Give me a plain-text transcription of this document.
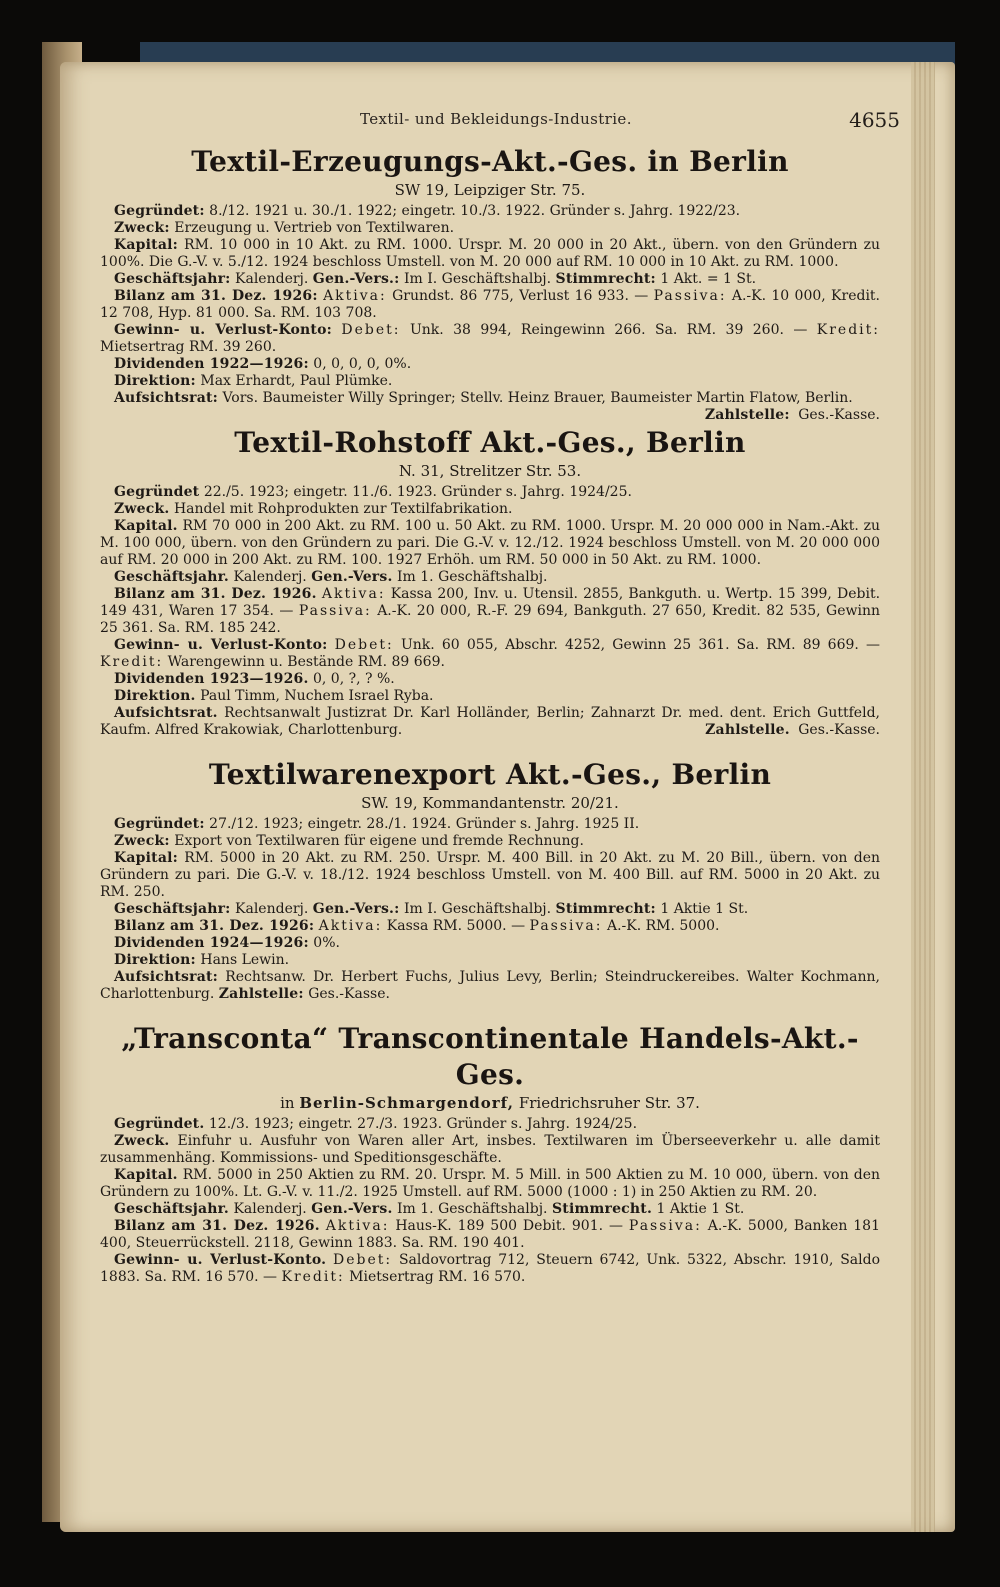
Textil- und Bekleidungs-Industrie.	4655
Textil-Erzeugungs-Akt.-Ges. in Berlin
SW 19, Leipziger Str. 75.

Gegründet: 8./12. 1921 u. 30./1. 1922; eingetr. 10./3. 1922. Gründer s. Jahrg. 1922/23.

Zweck: Erzeugung u. Vertrieb von Textilwaren.

Kapital: RM. 10 000 in 10 Akt. zu RM. 1000. Urspr. M. 20 000 in 20 Akt., übern. von den Gründern zu 100%. Die G.-V. v. 5./12. 1924 beschloss Umstell. von M. 20 000 auf RM. 10 000 in 10 Akt. zu RM. 1000.

Geschäftsjahr: Kalenderj. Gen.-Vers.: Im I. Geschäftshalbj. Stimmrecht: 1 Akt. = 1 St.

Bilanz am 31. Dez. 1926: Aktiva: Grundst. 86 775, Verlust 16 933. — Passiva: A.-K. 10 000, Kredit. 12 708, Hyp. 81 000. Sa. RM. 103 708.

Gewinn- u. Verlust-Konto: Debet: Unk. 38 994, Reingewinn 266. Sa. RM. 39 260. — Kredit: Mietsertrag RM. 39 260.

Dividenden 1922—1926: 0, 0, 0, 0, 0%.

Direktion: Max Erhardt, Paul Plümke.

Aufsichtsrat: Vors. Baumeister Willy Springer; Stellv. Heinz Brauer, Baumeister Martin Flatow, Berlin.
Zahlstelle: Ges.-Kasse.

Textil-Rohstoff Akt.-Ges., Berlin
N. 31, Strelitzer Str. 53.

Gegründet 22./5. 1923; eingetr. 11./6. 1923. Gründer s. Jahrg. 1924/25.

Zweck. Handel mit Rohprodukten zur Textilfabrikation.

Kapital. RM 70 000 in 200 Akt. zu RM. 100 u. 50 Akt. zu RM. 1000. Urspr. M. 20 000 000 in Nam.-Akt. zu M. 100 000, übern. von den Gründern zu pari. Die G.-V. v. 12./12. 1924 beschloss Umstell. von M. 20 000 000 auf RM. 20 000 in 200 Akt. zu RM. 100. 1927 Erhöh. um RM. 50 000 in 50 Akt. zu RM. 1000.

Geschäftsjahr. Kalenderj. Gen.-Vers. Im 1. Geschäftshalbj.

Bilanz am 31. Dez. 1926. Aktiva: Kassa 200, Inv. u. Utensil. 2855, Bankguth. u. Wertp. 15 399, Debit. 149 431, Waren 17 354. — Passiva: A.-K. 20 000, R.-F. 29 694, Bankguth. 27 650, Kredit. 82 535, Gewinn 25 361. Sa. RM. 185 242.

Gewinn- u. Verlust-Konto: Debet: Unk. 60 055, Abschr. 4252, Gewinn 25 361. Sa. RM. 89 669. — Kredit: Warengewinn u. Bestände RM. 89 669.

Dividenden 1923—1926. 0, 0, ?, ? %.

Direktion. Paul Timm, Nuchem Israel Ryba.

Aufsichtsrat. Rechtsanwalt Justizrat Dr. Karl Holländer, Berlin; Zahnarzt Dr. med. dent. Erich Guttfeld, Kaufm. Alfred Krakowiak, Charlottenburg.	Zahlstelle. Ges.-Kasse.

Textilwarenexport Akt.-Ges., Berlin
SW. 19, Kommandantenstr. 20/21.

Gegründet: 27./12. 1923; eingetr. 28./1. 1924. Gründer s. Jahrg. 1925 II.

Zweck: Export von Textilwaren für eigene und fremde Rechnung.

Kapital: RM. 5000 in 20 Akt. zu RM. 250. Urspr. M. 400 Bill. in 20 Akt. zu M. 20 Bill., übern. von den Gründern zu pari. Die G.-V. v. 18./12. 1924 beschloss Umstell. von M. 400 Bill. auf RM. 5000 in 20 Akt. zu RM. 250.

Geschäftsjahr: Kalenderj. Gen.-Vers.: Im I. Geschäftshalbj. Stimmrecht: 1 Aktie 1 St.

Bilanz am 31. Dez. 1926: Aktiva: Kassa RM. 5000. — Passiva: A.-K. RM. 5000.

Dividenden 1924—1926: 0%.

Direktion: Hans Lewin.

Aufsichtsrat: Rechtsanw. Dr. Herbert Fuchs, Julius Levy, Berlin; Steindruckereibes. Walter Kochmann, Charlottenburg. Zahlstelle: Ges.-Kasse.

„Transconta“ Transcontinentale Handels-Akt.-Ges.
in Berlin-Schmargendorf, Friedrichsruher Str. 37.

Gegründet. 12./3. 1923; eingetr. 27./3. 1923. Gründer s. Jahrg. 1924/25.

Zweck. Einfuhr u. Ausfuhr von Waren aller Art, insbes. Textilwaren im Überseeverkehr u. alle damit zusammenhäng. Kommissions- und Speditionsgeschäfte.

Kapital. RM. 5000 in 250 Aktien zu RM. 20. Urspr. M. 5 Mill. in 500 Aktien zu M. 10 000, übern. von den Gründern zu 100%. Lt. G.-V. v. 11./2. 1925 Umstell. auf RM. 5000 (1000 : 1) in 250 Aktien zu RM. 20.

Geschäftsjahr. Kalenderj. Gen.-Vers. Im 1. Geschäftshalbj. Stimmrecht. 1 Aktie 1 St.

Bilanz am 31. Dez. 1926. Aktiva: Haus-K. 189 500 Debit. 901. — Passiva: A.-K. 5000, Banken 181 400, Steuerrückstell. 2118, Gewinn 1883. Sa. RM. 190 401.

Gewinn- u. Verlust-Konto. Debet: Saldovortrag 712, Steuern 6742, Unk. 5322, Abschr. 1910, Saldo 1883. Sa. RM. 16 570. — Kredit: Mietsertrag RM. 16 570.
